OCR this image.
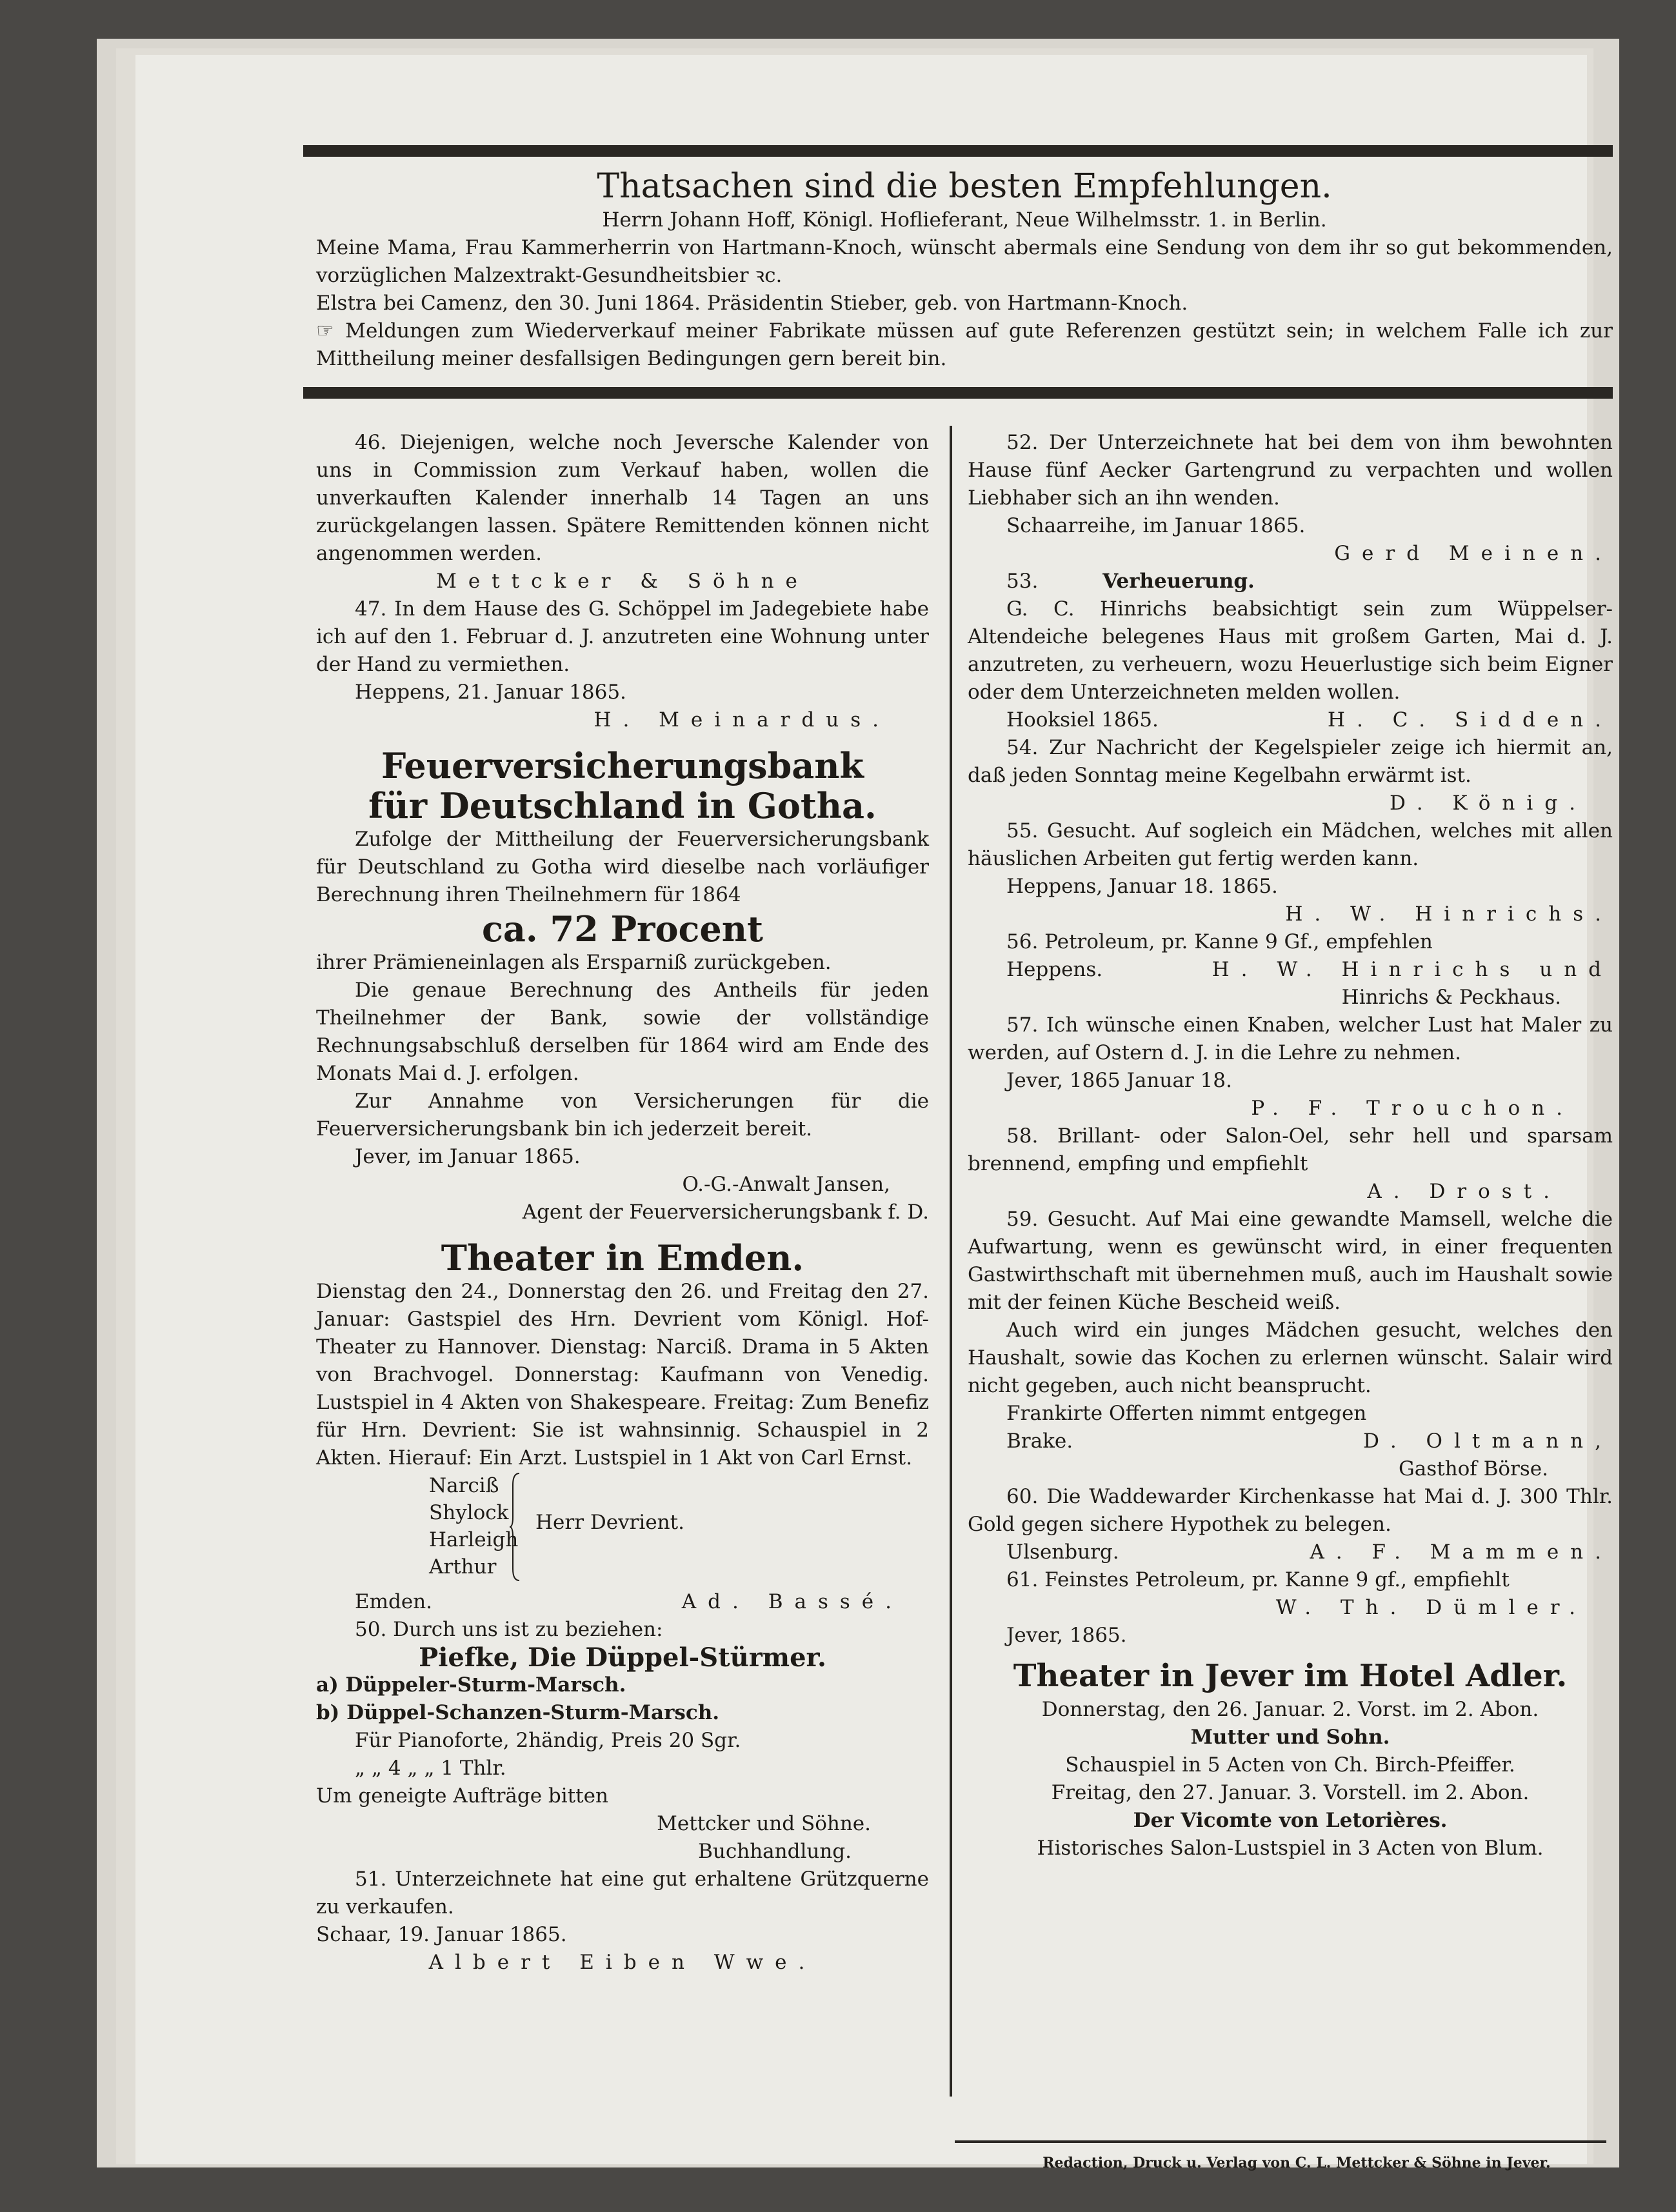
Thatsachen sind die besten Empfehlungen.

Herrn Johann Hoff, Königl. Hoflieferant, Neue Wilhelmsstr. 1. in Berlin.

Meine Mama, Frau Kammerherrin von Hartmann-Knoch, wünscht abermals eine Sendung von dem ihr so gut bekommenden, vorzüglichen Malzextrakt-Gesundheitsbier ꝛc.

Elstra bei Camenz, den 30. Juni 1864. Präsidentin Stieber, geb. von Hartmann-Knoch.

☞ Meldungen zum Wiederverkauf meiner Fabrikate müssen auf gute Referenzen gestützt sein; in welchem Falle ich zur Mittheilung meiner desfallsigen Bedingungen gern bereit bin.

46. Diejenigen, welche noch Jeversche Kalender von uns in Commission zum Verkauf haben, wollen die unverkauften Kalender innerhalb 14 Tagen an uns zurückgelangen lassen. Spätere Remittenden können nicht angenommen werden.

Mettcker & Söhne

47. In dem Hause des G. Schöppel im Jadegebiete habe ich auf den 1. Februar d. J. anzutreten eine Wohnung unter der Hand zu vermiethen.

Heppens, 21. Januar 1865.

H. Meinardus.

Feuerversicherungsbank

für Deutschland in Gotha.

Zufolge der Mittheilung der Feuerversicherungsbank für Deutschland zu Gotha wird dieselbe nach vorläufiger Berechnung ihren Theilnehmern für 1864

ca. 72 Procent

ihrer Prämieneinlagen als Ersparniß zurückgeben.

Die genaue Berechnung des Antheils für jeden Theilnehmer der Bank, sowie der vollständige Rechnungsabschluß derselben für 1864 wird am Ende des Monats Mai d. J. erfolgen.

Zur Annahme von Versicherungen für die Feuerversicherungsbank bin ich jederzeit bereit.

Jever, im Januar 1865.

O.-G.-Anwalt Jansen,

Agent der Feuerversicherungsbank f. D.

Theater in Emden.

Dienstag den 24., Donnerstag den 26. und Freitag den 27. Januar: Gastspiel des Hrn. Devrient vom Königl. Hof-Theater zu Hannover. Dienstag: Narciß. Drama in 5 Akten von Brachvogel. Donnerstag: Kaufmann von Venedig. Lustspiel in 4 Akten von Shakespeare. Freitag: Zum Benefiz für Hrn. Devrient: Sie ist wahnsinnig. Schauspiel in 2 Akten. Hierauf: Ein Arzt. Lustspiel in 1 Akt von Carl Ernst.

Narciß
Shylock
Harleigh
Arthur
Herr Devrient.

Emden.	Ad. Bassé.

50. Durch uns ist zu beziehen:

Piefke, Die Düppel-Stürmer.

a) Düppeler-Sturm-Marsch.

b) Düppel-Schanzen-Sturm-Marsch.

Für Pianoforte, 2händig, Preis 20 Sgr.

„ „ 4 „ „ 1 Thlr.

Um geneigte Aufträge bitten

Mettcker und Söhne.

Buchhandlung.

51. Unterzeichnete hat eine gut erhaltene Grützquerne zu verkaufen.

Schaar, 19. Januar 1865.

Albert Eiben Wwe.

52. Der Unterzeichnete hat bei dem von ihm bewohnten Hause fünf Aecker Gartengrund zu verpachten und wollen Liebhaber sich an ihn wenden.

Schaarreihe, im Januar 1865.

Gerd Meinen.

53.	Verheuerung.

G. C. Hinrichs beabsichtigt sein zum Wüppelser-Altendeiche belegenes Haus mit großem Garten, Mai d. J. anzutreten, zu verheuern, wozu Heuerlustige sich beim Eigner oder dem Unterzeichneten melden wollen.

Hooksiel 1865.	H. C. Sidden.

54. Zur Nachricht der Kegelspieler zeige ich hiermit an, daß jeden Sonntag meine Kegelbahn erwärmt ist.

D. König.

55. Gesucht. Auf sogleich ein Mädchen, welches mit allen häuslichen Arbeiten gut fertig werden kann.

Heppens, Januar 18. 1865.

H. W. Hinrichs.

56. Petroleum, pr. Kanne 9 Gf., empfehlen

Heppens.	H. W. Hinrichs und

Hinrichs & Peckhaus.

57. Ich wünsche einen Knaben, welcher Lust hat Maler zu werden, auf Ostern d. J. in die Lehre zu nehmen.

Jever, 1865 Januar 18.

P. F. Trouchon.

58. Brillant- oder Salon-Oel, sehr hell und sparsam brennend, empfing und empfiehlt

A. Drost.

59. Gesucht. Auf Mai eine gewandte Mamsell, welche die Aufwartung, wenn es gewünscht wird, in einer frequenten Gastwirthschaft mit übernehmen muß, auch im Haushalt sowie mit der feinen Küche Bescheid weiß.

Auch wird ein junges Mädchen gesucht, welches den Haushalt, sowie das Kochen zu erlernen wünscht. Salair wird nicht gegeben, auch nicht beansprucht.

Frankirte Offerten nimmt entgegen

Brake.	D. Oltmann,

Gasthof Börse.

60. Die Waddewarder Kirchenkasse hat Mai d. J. 300 Thlr. Gold gegen sichere Hypothek zu belegen.

Ulsenburg.	A. F. Mammen.

61. Feinstes Petroleum, pr. Kanne 9 gf., empfiehlt

W. Th. Dümler.

Jever, 1865.

Theater in Jever im Hotel Adler.

Donnerstag, den 26. Januar. 2. Vorst. im 2. Abon.

Mutter und Sohn.

Schauspiel in 5 Acten von Ch. Birch-Pfeiffer.

Freitag, den 27. Januar. 3. Vorstell. im 2. Abon.

Der Vicomte von Letorières.

Historisches Salon-Lustspiel in 3 Acten von Blum.

Redaction, Druck u. Verlag von C. L. Mettcker & Söhne in Jever.
